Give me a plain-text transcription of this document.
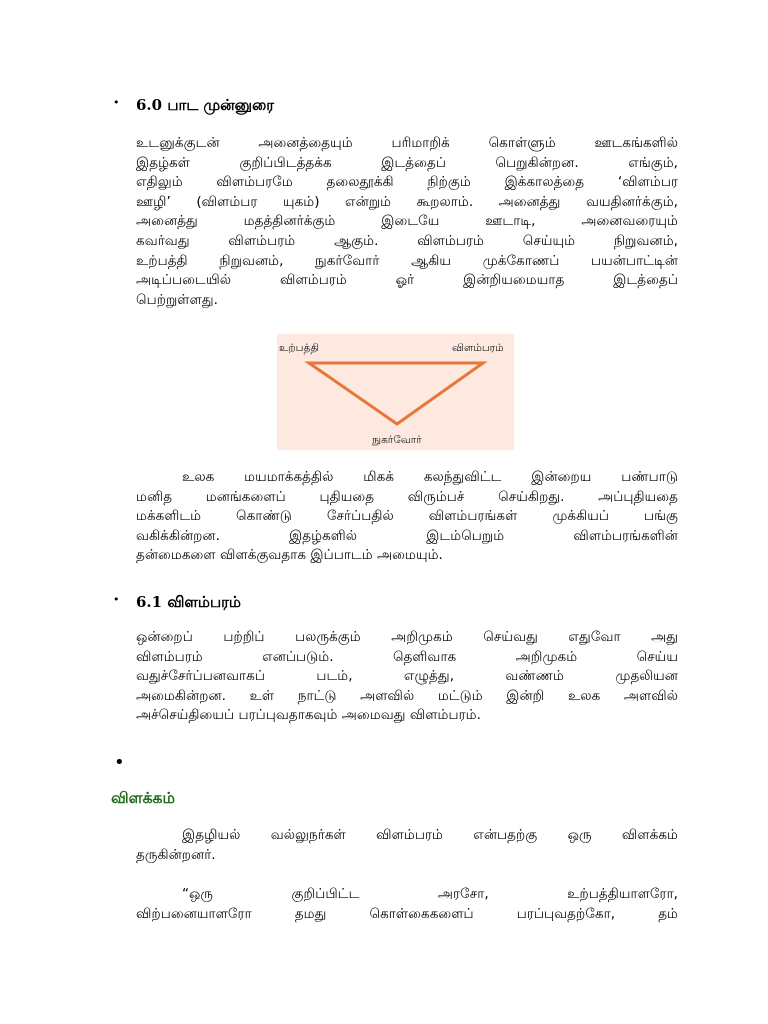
• 6.0 பாட முன்னுரை
உடனுக்குடன் அனைத்தையும் பரிமாறிக் கொள்ளும் ஊடகங்களில்
இதழ்கள் குறிப்பிடத்தக்க இடத்தைப் பெறுகின்றன. எங்கும்,
எதிலும் விளம்பரமே தலைதூக்கி நிற்கும் இக்காலத்தை ‘விளம்பர
ஊழி’ (விளம்பர யுகம்) என்றும் கூறலாம். அனைத்து வயதினர்க்கும்,
அனைத்து மதத்தினர்க்கும் இடையே ஊடாடி, அனைவரையும்
கவர்வது விளம்பரம் ஆகும். விளம்பரம் செய்யும் நிறுவனம்,
உற்பத்தி நிறுவனம், நுகர்வோர் ஆகிய முக்கோணப் பயன்பாட்டின்
அடிப்படையில் விளம்பரம் ஓர் இன்றியமையாத இடத்தைப்
பெற்றுள்ளது.
உற்பத்தி	விளம்பரம்
நுகர்வோர்
உலக மயமாக்கத்தில் மிகக் கலந்துவிட்ட இன்றைய பண்பாடு
மனித மனங்களைப் புதியதை விரும்பச் செய்கிறது. அப்புதியதை
மக்களிடம் கொண்டு சேர்ப்பதில் விளம்பரங்கள் முக்கியப் பங்கு
வகிக்கின்றன. இதழ்களில் இடம்பெறும் விளம்பரங்களின்
தன்மைகளை விளக்குவதாக இப்பாடம் அமையும்.
• 6.1 விளம்பரம்
ஒன்றைப் பற்றிப் பலருக்கும் அறிமுகம் செய்வது எதுவோ அது
விளம்பரம் எனப்படும். தெளிவாக அறிமுகம் செய்ய
வதுச்சேர்ப்பனவாகப் படம், எழுத்து, வண்ணம் முதலியன
அமைகின்றன. உள் நாட்டு அளவில் மட்டும் இன்றி உலக அளவில்
அச்செய்தியைப் பரப்புவதாகவும் அமைவது விளம்பரம்.
•
விளக்கம்
இதழியல் வல்லுநர்கள் விளம்பரம் என்பதற்கு ஒரு விளக்கம்
தருகின்றனர்.
“ஒரு குறிப்பிட்ட அரசோ, உற்பத்தியாளரோ,
விற்பனையாளரோ தமது கொள்கைகளைப் பரப்புவதற்கோ, தம்
